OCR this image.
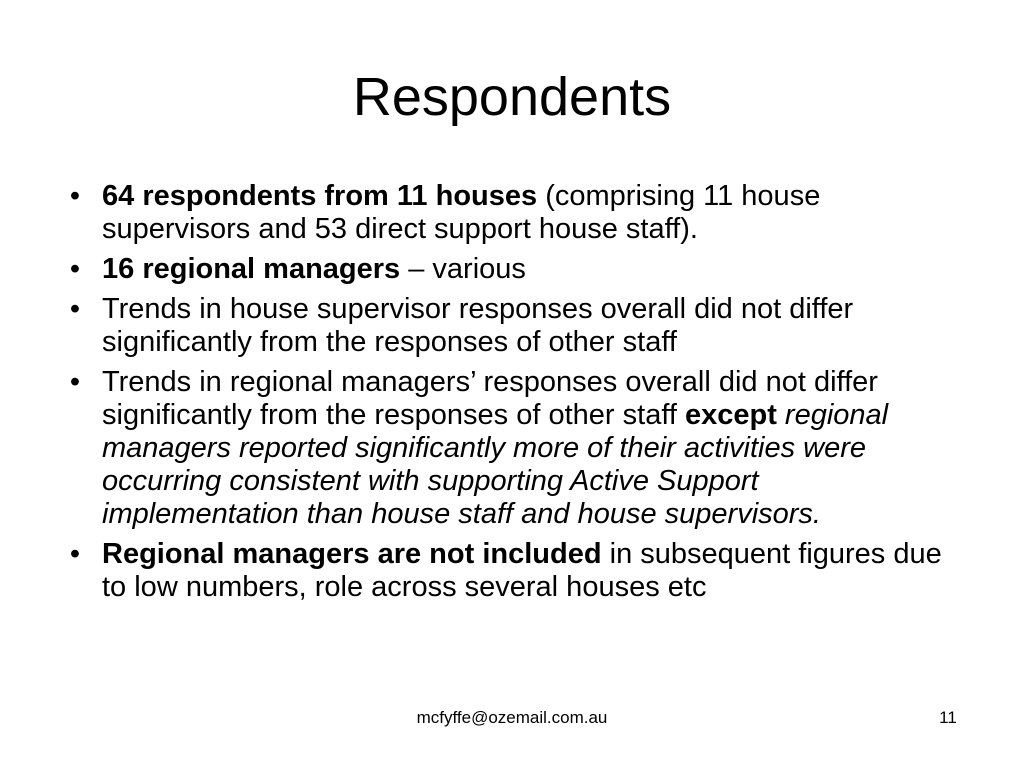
Respondents
• 64 respondents from 11 houses (comprising 11 house supervisors and 53 direct support house staff).
• 16 regional managers – various
• Trends in house supervisor responses overall did not differ significantly from the responses of other staff
• Trends in regional managers’ responses overall did not differ significantly from the responses of other staff except regional managers reported significantly more of their activities were occurring consistent with supporting Active Support implementation than house staff and house supervisors.
• Regional managers are not included in subsequent figures due to low numbers, role across several houses etc
mcfyffe@ozemail.com.au	11
